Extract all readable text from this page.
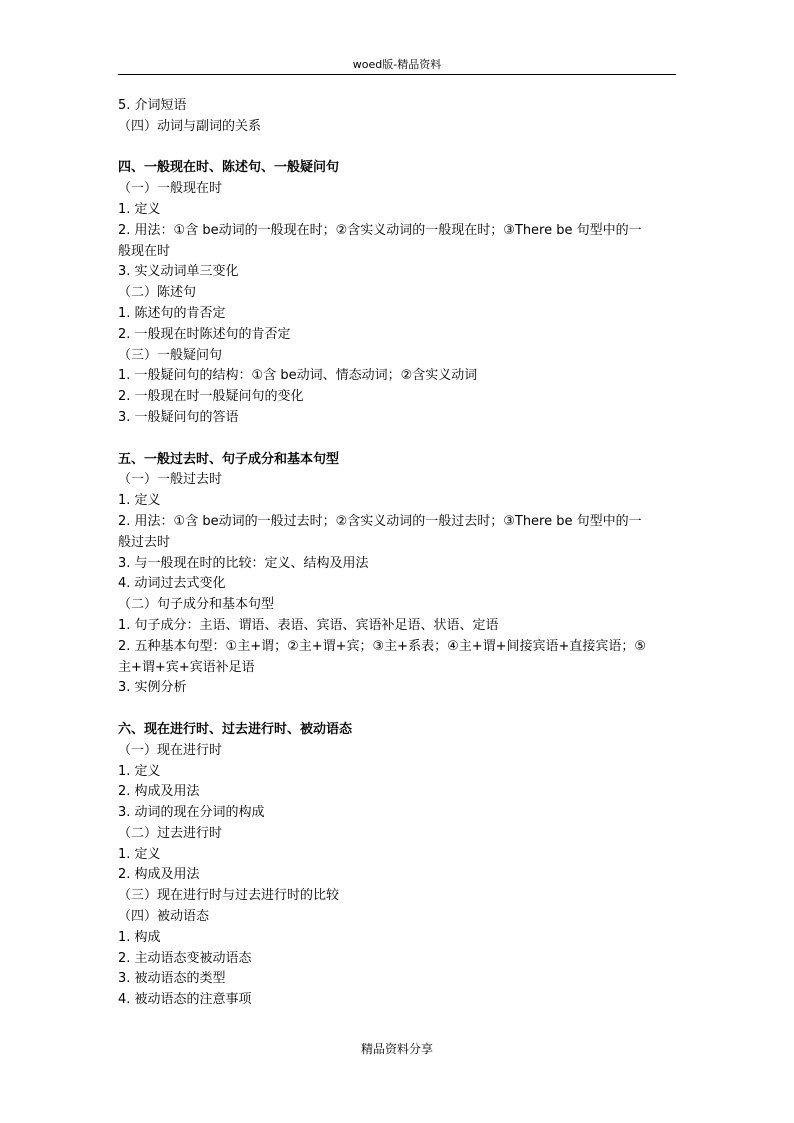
woed版-精品资料
5. 介词短语
（四）动词与副词的关系
四、一般现在时、陈述句、一般疑问句
（一）一般现在时
1. 定义
2. 用法：①含 be动词的一般现在时；②含实义动词的一般现在时；③There be 句型中的一
般现在时
3. 实义动词单三变化
（二）陈述句
1. 陈述句的肯否定
2. 一般现在时陈述句的肯否定
（三）一般疑问句
1. 一般疑问句的结构：①含 be动词、情态动词；②含实义动词
2. 一般现在时一般疑问句的变化
3. 一般疑问句的答语
五、一般过去时、句子成分和基本句型
（一）一般过去时
1. 定义
2. 用法：①含 be动词的一般过去时；②含实义动词的一般过去时；③There be 句型中的一
般过去时
3. 与一般现在时的比较：定义、结构及用法
4. 动词过去式变化
（二）句子成分和基本句型
1. 句子成分：主语、谓语、表语、宾语、宾语补足语、状语、定语
2. 五种基本句型：①主+谓；②主+谓+宾；③主+系表；④主+谓+间接宾语+直接宾语；⑤
主+谓+宾+宾语补足语
3. 实例分析
六、现在进行时、过去进行时、被动语态
（一）现在进行时
1. 定义
2. 构成及用法
3. 动词的现在分词的构成
（二）过去进行时
1. 定义
2. 构成及用法
（三）现在进行时与过去进行时的比较
（四）被动语态
1. 构成
2. 主动语态变被动语态
3. 被动语态的类型
4. 被动语态的注意事项
精品资料分享
